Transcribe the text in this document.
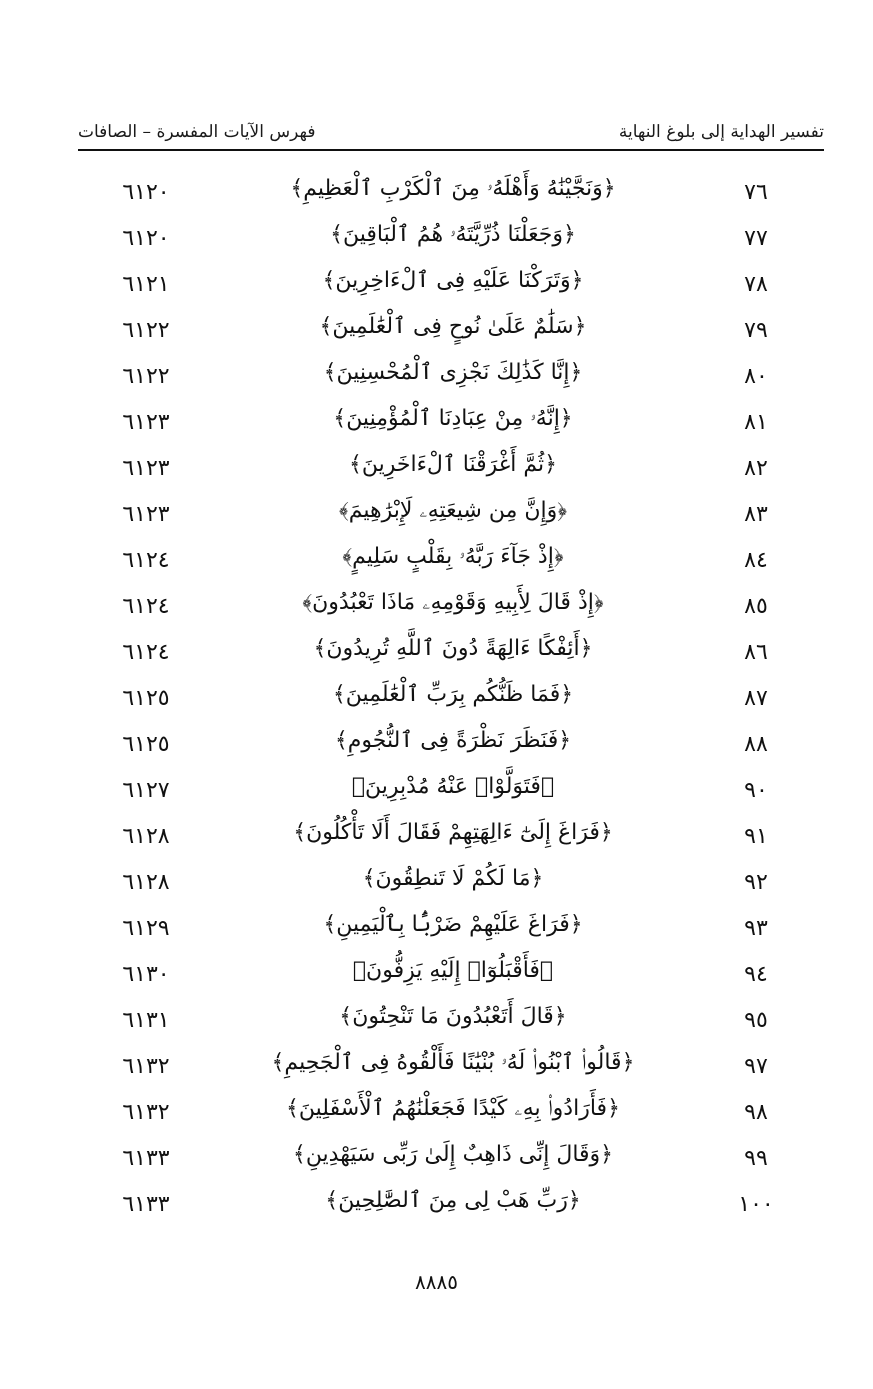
تفسير الهداية إلى بلوغ النهاية
فهرس الآيات المفسرة – الصافات
٧٦
﴿وَنَجَّيْنَٰهُ وَأَهْلَهُۥ مِنَ ٱلْكَرْبِ ٱلْعَظِيمِ﴾
٦١٢٠
٧٧
﴿وَجَعَلْنَا ذُرِّيَّتَهُۥ هُمُ ٱلْبَاقِينَ﴾
٦١٢٠
٧٨
﴿وَتَرَكْنَا عَلَيْهِ فِى ٱلْءَاخِرِينَ﴾
٦١٢١
٧٩
﴿سَلَٰمٌ عَلَىٰ نُوحٍ فِى ٱلْعَٰلَمِينَ﴾
٦١٢٢
٨٠
﴿إِنَّا كَذَٰلِكَ نَجْزِى ٱلْمُحْسِنِينَ﴾
٦١٢٢
٨١
﴿إِنَّهُۥ مِنْ عِبَادِنَا ٱلْمُؤْمِنِينَ﴾
٦١٢٣
٨٢
﴿ثُمَّ أَغْرَقْنَا ٱلْءَاخَرِينَ﴾
٦١٢٣
٨٣
﴿وَإِنَّ مِن شِيعَتِهِۦ لَإِبْرَٰهِيمَ﴾
٦١٢٣
٨٤
﴿إِذْ جَآءَ رَبَّهُۥ بِقَلْبٍ سَلِيمٍ﴾
٦١٢٤
٨٥
﴿إِذْ قَالَ لِأَبِيهِ وَقَوْمِهِۦ مَاذَا تَعْبُدُونَ﴾
٦١٢٤
٨٦
﴿أَئِفْكًا ءَالِهَةً دُونَ ٱللَّهِ تُرِيدُونَ﴾
٦١٢٤
٨٧
﴿فَمَا ظَنُّكُم بِرَبِّ ٱلْعَٰلَمِينَ﴾
٦١٢٥
٨٨
﴿فَنَظَرَ نَظْرَةً فِى ٱلنُّجُومِ﴾
٦١٢٥
٩٠
﴿فَتَوَلَّوْا۟ عَنْهُ مُدْبِرِينَ﴾
٦١٢٧
٩١
﴿فَرَاغَ إِلَىٰٓ ءَالِهَتِهِمْ فَقَالَ أَلَا تَأْكُلُونَ﴾
٦١٢٨
٩٢
﴿مَا لَكُمْ لَا تَنطِقُونَ﴾
٦١٢٨
٩٣
﴿فَرَاغَ عَلَيْهِمْ ضَرْبًۢا بِٱلْيَمِينِ﴾
٦١٢٩
٩٤
﴿فَأَقْبَلُوٓا۟ إِلَيْهِ يَزِفُّونَ﴾
٦١٣٠
٩٥
﴿قَالَ أَتَعْبُدُونَ مَا تَنْحِتُونَ﴾
٦١٣١
٩٧
﴿قَالُوا۟ ٱبْنُوا۟ لَهُۥ بُنْيَٰنًا فَأَلْقُوهُ فِى ٱلْجَحِيمِ﴾
٦١٣٢
٩٨
﴿فَأَرَادُوا۟ بِهِۦ كَيْدًا فَجَعَلْنَٰهُمُ ٱلْأَسْفَلِينَ﴾
٦١٣٢
٩٩
﴿وَقَالَ إِنِّى ذَاهِبٌ إِلَىٰ رَبِّى سَيَهْدِينِ﴾
٦١٣٣
١٠٠
﴿رَبِّ هَبْ لِى مِنَ ٱلصَّٰلِحِينَ﴾
٦١٣٣
٨٨٨٥
